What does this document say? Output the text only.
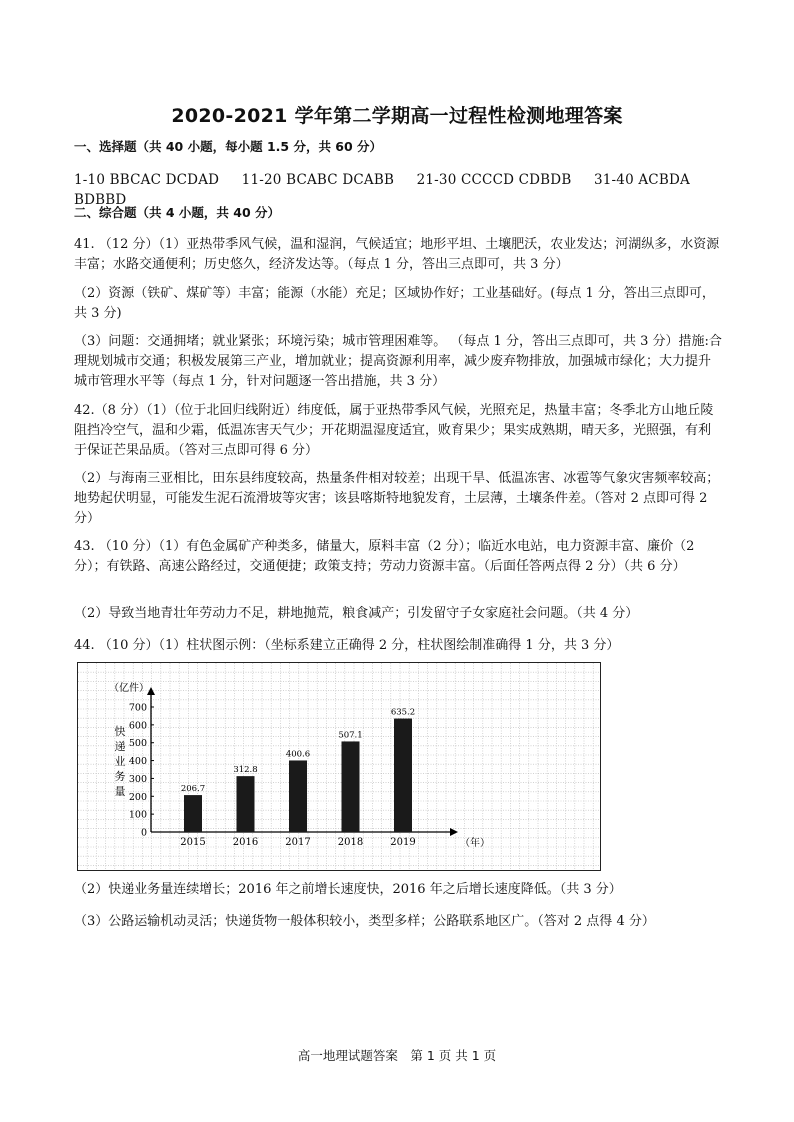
2020-2021 学年第二学期高一过程性检测地理答案

一、选择题（共 40 小题，每小题 1.5 分，共 60 分）

1-10 BBCAC DCDAD 11-20 BCABC DCABB 21-30 CCCCD CDBDB 31-40 ACBDA BDBBD

二、综合题（共 4 小题，共 40 分）

41. （12 分）（1）亚热带季风气候，温和湿润，气候适宜；地形平坦、土壤肥沃，农业发达；河湖纵多，水资源丰富；水路交通便利；历史悠久，经济发达等。（每点 1 分，答出三点即可，共 3 分）

（2）资源（铁矿、煤矿等）丰富；能源（水能）充足；区域协作好；工业基础好。(每点 1 分，答出三点即可，共 3 分)

（3）问题：交通拥堵；就业紧张；环境污染；城市管理困难等。 （每点 1 分，答出三点即可，共 3 分）措施:合理规划城市交通；积极发展第三产业，增加就业；提高资源利用率，减少废弃物排放，加强城市绿化；大力提升城市管理水平等（每点 1 分，针对问题逐一答出措施，共 3 分）

42.（8 分）（1）（位于北回归线附近）纬度低，属于亚热带季风气候，光照充足，热量丰富；冬季北方山地丘陵阻挡冷空气，温和少霜，低温冻害天气少；开花期温湿度适宜，败育果少；果实成熟期，晴天多，光照强，有利于保证芒果品质。（答对三点即可得 6 分）

（2）与海南三亚相比，田东县纬度较高，热量条件相对较差；出现干旱、低温冻害、冰雹等气象灾害频率较高；地势起伏明显，可能发生泥石流滑坡等灾害；该县喀斯特地貌发育，土层薄，土壤条件差。（答对 2 点即可得 2 分）

43. （10 分）（1）有色金属矿产种类多，储量大，原料丰富（2 分）；临近水电站，电力资源丰富、廉价（2 分）；有铁路、高速公路经过，交通便捷；政策支持；劳动力资源丰富。（后面任答两点得 2 分）（共 6 分）

（2）导致当地青壮年劳动力不足，耕地抛荒，粮食减产；引发留守子女家庭社会问题。（共 4 分）

44. （10 分）（1）柱状图示例：（坐标系建立正确得 2 分，柱状图绘制准确得 1 分，共 3 分）

（亿件）
（年）
0
100
200
300
400
500
600
700
快
递
业
务
量	206.7
2015
312.8
2016
400.6
2017
507.1
2018
635.2
2019

（2）快递业务量连续增长；2016 年之前增长速度快，2016 年之后增长速度降低。（共 3 分）

（3）公路运输机动灵活；快递货物一般体积较小，类型多样；公路联系地区广。（答对 2 点得 4 分）

高一地理试题答案　第 1 页 共 1 页
